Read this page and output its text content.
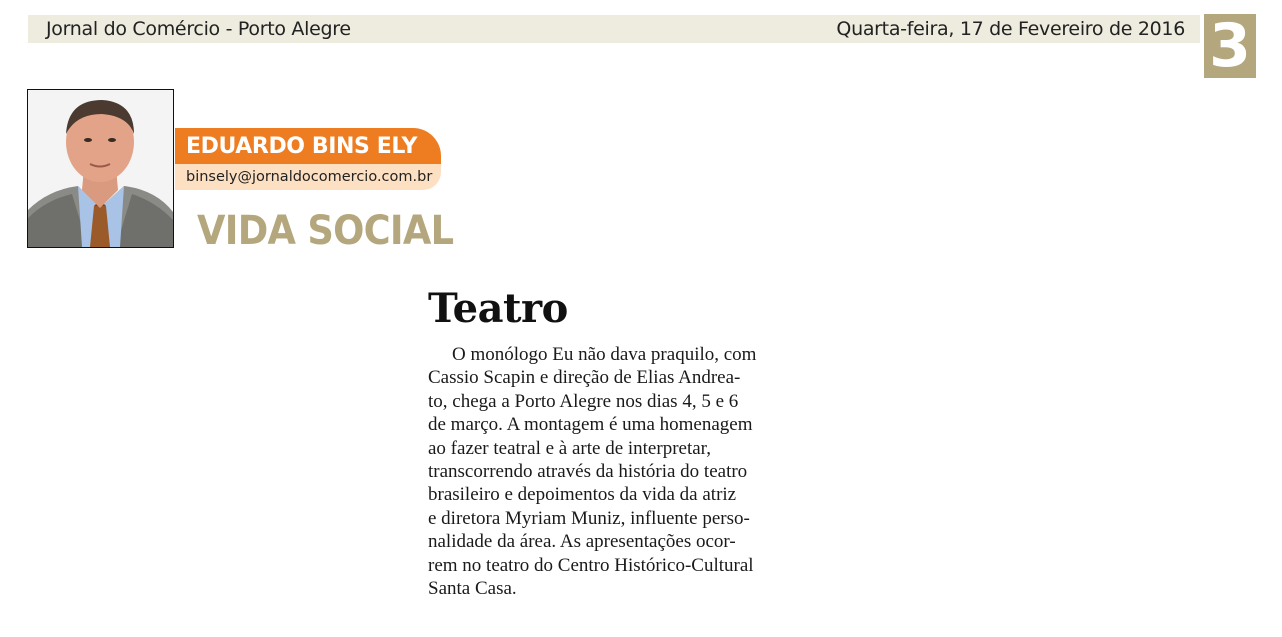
Jornal do Comércio - Porto Alegre	Quarta-feira, 17 de Fevereiro de 2016 3
EDUARDO BINS ELY
binsely@jornaldocomercio.com.br
VIDA SOCIAL
Teatro
O monólogo Eu não dava praquilo, com
Cassio Scapin e direção de Elias Andrea-
to, chega a Porto Alegre nos dias 4, 5 e 6
de março. A montagem é uma homenagem
ao fazer teatral e à arte de interpretar,
transcorrendo através da história do teatro
brasileiro e depoimentos da vida da atriz
e diretora Myriam Muniz, influente perso-
nalidade da área. As apresentações ocor-
rem no teatro do Centro Histórico-Cultural
Santa Casa.
